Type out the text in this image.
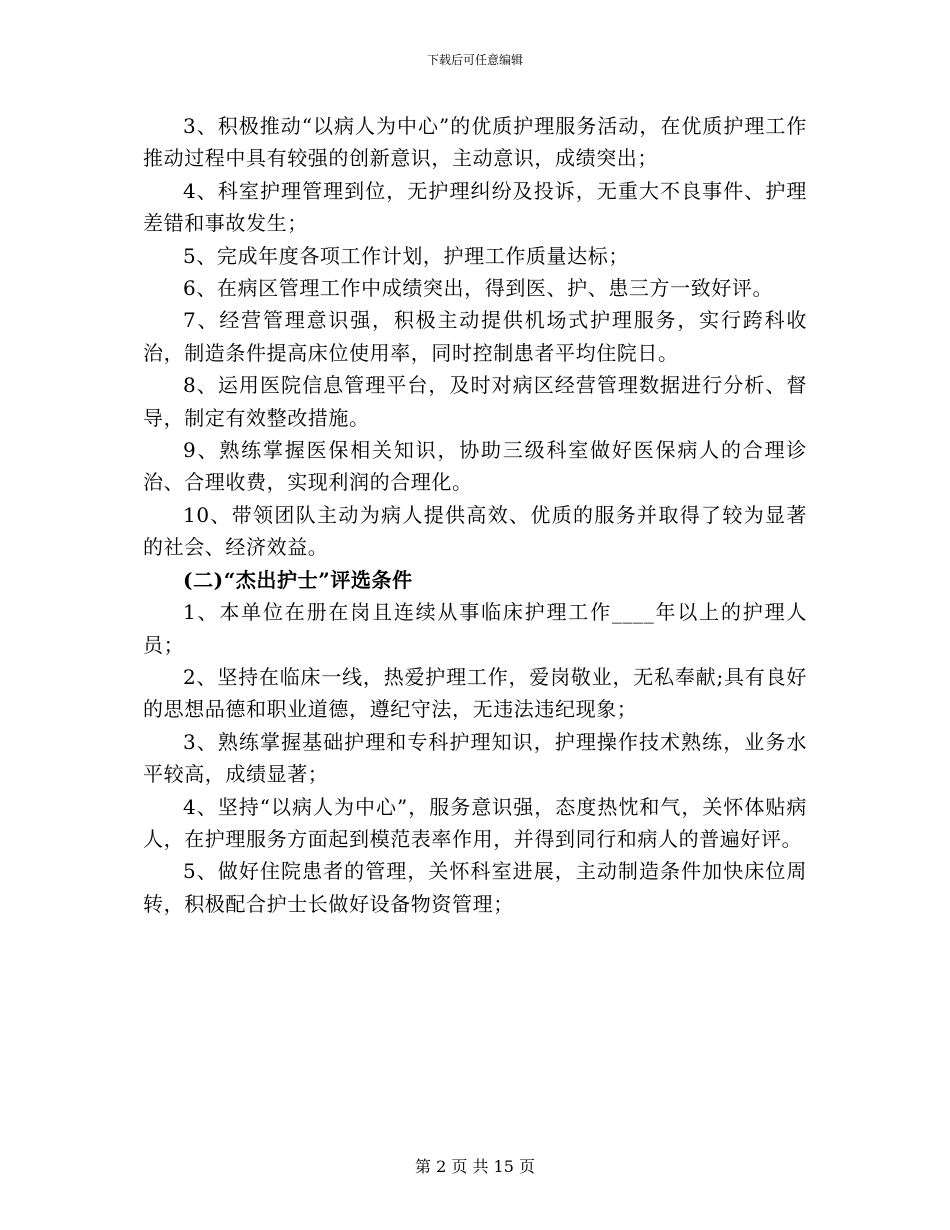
下载后可任意编辑

3、积极推动“以病人为中心”的优质护理服务活动，在优质护理工作推动过程中具有较强的创新意识，主动意识，成绩突出；

4、科室护理管理到位，无护理纠纷及投诉，无重大不良事件、护理差错和事故发生；

5、完成年度各项工作计划，护理工作质量达标；

6、在病区管理工作中成绩突出，得到医、护、患三方一致好评。

7、经营管理意识强，积极主动提供机场式护理服务，实行跨科收治，制造条件提高床位使用率，同时控制患者平均住院日。

8、运用医院信息管理平台，及时对病区经营管理数据进行分析、督导，制定有效整改措施。

9、熟练掌握医保相关知识，协助三级科室做好医保病人的合理诊治、合理收费，实现利润的合理化。

10、带领团队主动为病人提供高效、优质的服务并取得了较为显著的社会、经济效益。

(二)“杰出护士”评选条件

1、本单位在册在岗且连续从事临床护理工作____年以上的护理人员；

2、坚持在临床一线，热爱护理工作，爱岗敬业，无私奉献;具有良好的思想品德和职业道德，遵纪守法，无违法违纪现象；

3、熟练掌握基础护理和专科护理知识，护理操作技术熟练，业务水平较高，成绩显著；

4、坚持“以病人为中心”，服务意识强，态度热忱和气，关怀体贴病人，在护理服务方面起到模范表率作用，并得到同行和病人的普遍好评。

5、做好住院患者的管理，关怀科室进展，主动制造条件加快床位周转，积极配合护士长做好设备物资管理；

第 2 页 共 15 页
